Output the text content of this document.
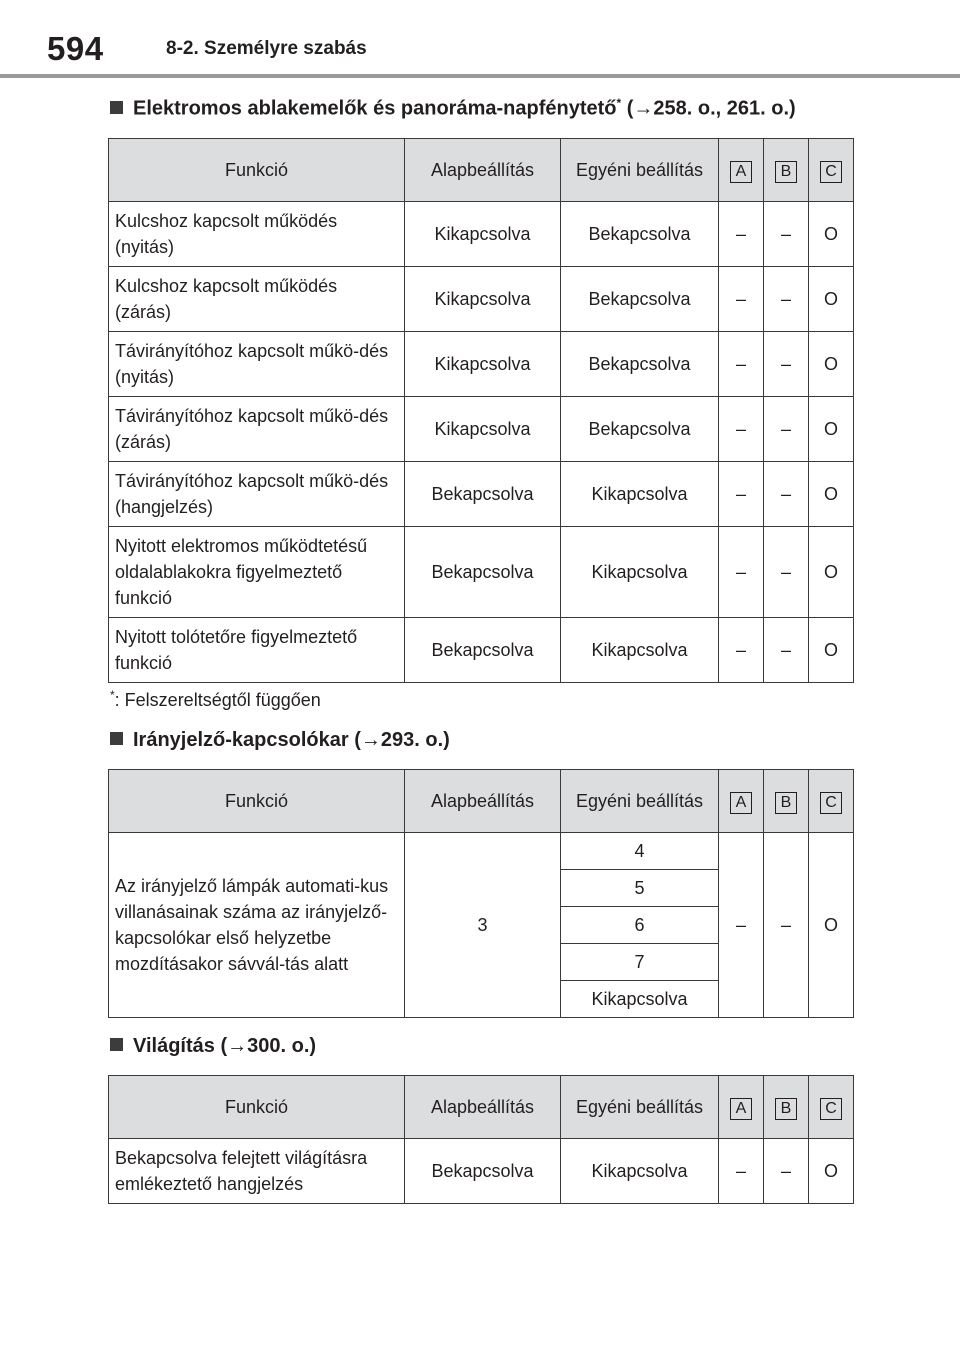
594	8-2. Személyre szabás
Elektromos ablakemelők és panoráma-napfénytető* (→258. o., 261. o.)
Funkció	Alapbeállítás	Egyéni beállítás	A	B	C
Kulcshoz kapcsolt működés (nyitás)	Kikapcsolva	Bekapcsolva	–	–	O
Kulcshoz kapcsolt működés (zárás)	Kikapcsolva	Bekapcsolva	–	–	O
Távirányítóhoz kapcsolt műkö-dés (nyitás)	Kikapcsolva	Bekapcsolva	–	–	O
Távirányítóhoz kapcsolt műkö-dés (zárás)	Kikapcsolva	Bekapcsolva	–	–	O
Távirányítóhoz kapcsolt műkö-dés (hangjelzés)	Bekapcsolva	Kikapcsolva	–	–	O
Nyitott elektromos működtetésű oldalablakokra figyelmeztető funkció	Bekapcsolva	Kikapcsolva	–	–	O
Nyitott tolótetőre figyelmeztető funkció	Bekapcsolva	Kikapcsolva	–	–	O
*: Felszereltségtől függően
Irányjelző-kapcsolókar (→293. o.)
Funkció	Alapbeállítás	Egyéni beállítás	A	B	C
Az irányjelző lámpák automati-kus villanásainak száma az irányjelző-kapcsolókar első helyzetbe mozdításakor sávvál-tás alatt	3	4	–	–	O
		5			
		6			
		7			
		Kikapcsolva			
Világítás (→300. o.)
Funkció	Alapbeállítás	Egyéni beállítás	A	B	C
Bekapcsolva felejtett világításra emlékeztető hangjelzés	Bekapcsolva	Kikapcsolva	–	–	O
